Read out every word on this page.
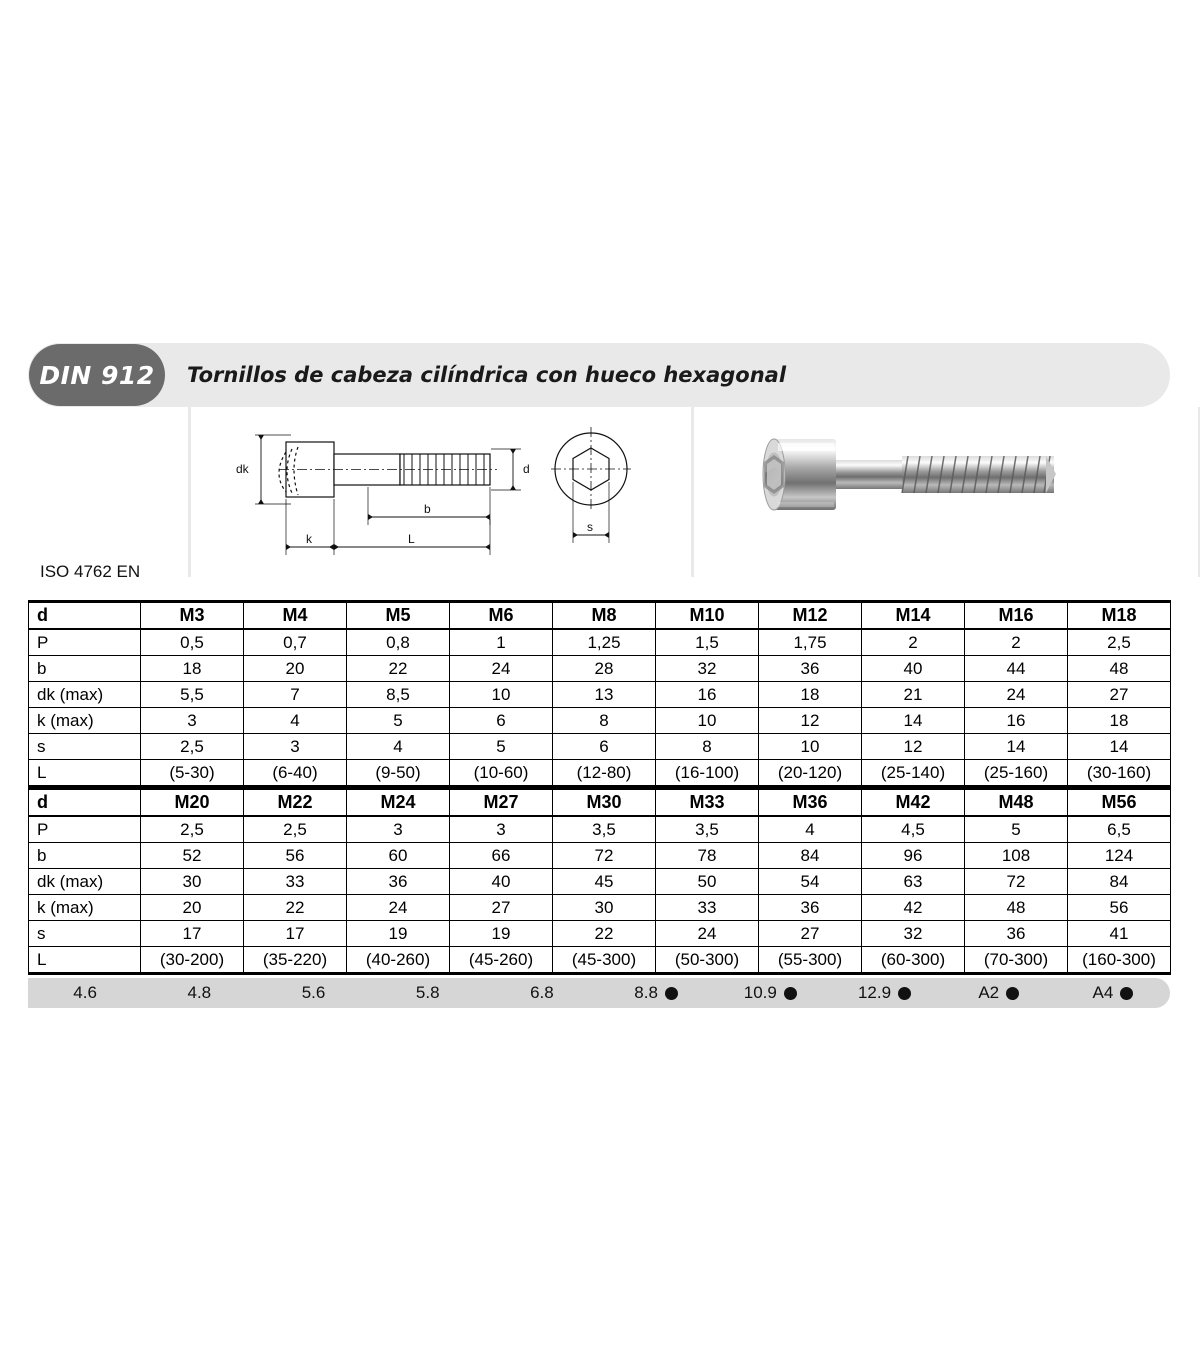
DIN 912	Tornillos de cabeza cilíndrica con hueco hexagonal
ISO 4762 EN
dk	d
b
k	L
s
d	M3	M4	M5	M6	M8	M10	M12	M14	M16	M18
P	0,5	0,7	0,8	1	1,25	1,5	1,75	2	2	2,5
b	18	20	22	24	28	32	36	40	44	48
dk (max)	5,5	7	8,5	10	13	16	18	21	24	27
k (max)	3	4	5	6	8	10	12	14	16	18
s	2,5	3	4	5	6	8	10	12	14	14
L	(5-30)	(6-40)	(9-50)	(10-60)	(12-80)	(16-100)	(20-120)	(25-140)	(25-160)	(30-160)
d	M20	M22	M24	M27	M30	M33	M36	M42	M48	M56
P	2,5	2,5	3	3	3,5	3,5	4	4,5	5	6,5
b	52	56	60	66	72	78	84	96	108	124
dk (max)	30	33	36	40	45	50	54	63	72	84
k (max)	20	22	24	27	30	33	36	42	48	56
s	17	17	19	19	22	24	27	32	36	41
L	(30-200)	(35-220)	(40-260)	(45-260)	(45-300)	(50-300)	(55-300)	(60-300)	(70-300)	(160-300)
4.6	4.8	5.6	5.8	6.8	8.8	10.9	12.9	A2	A4
